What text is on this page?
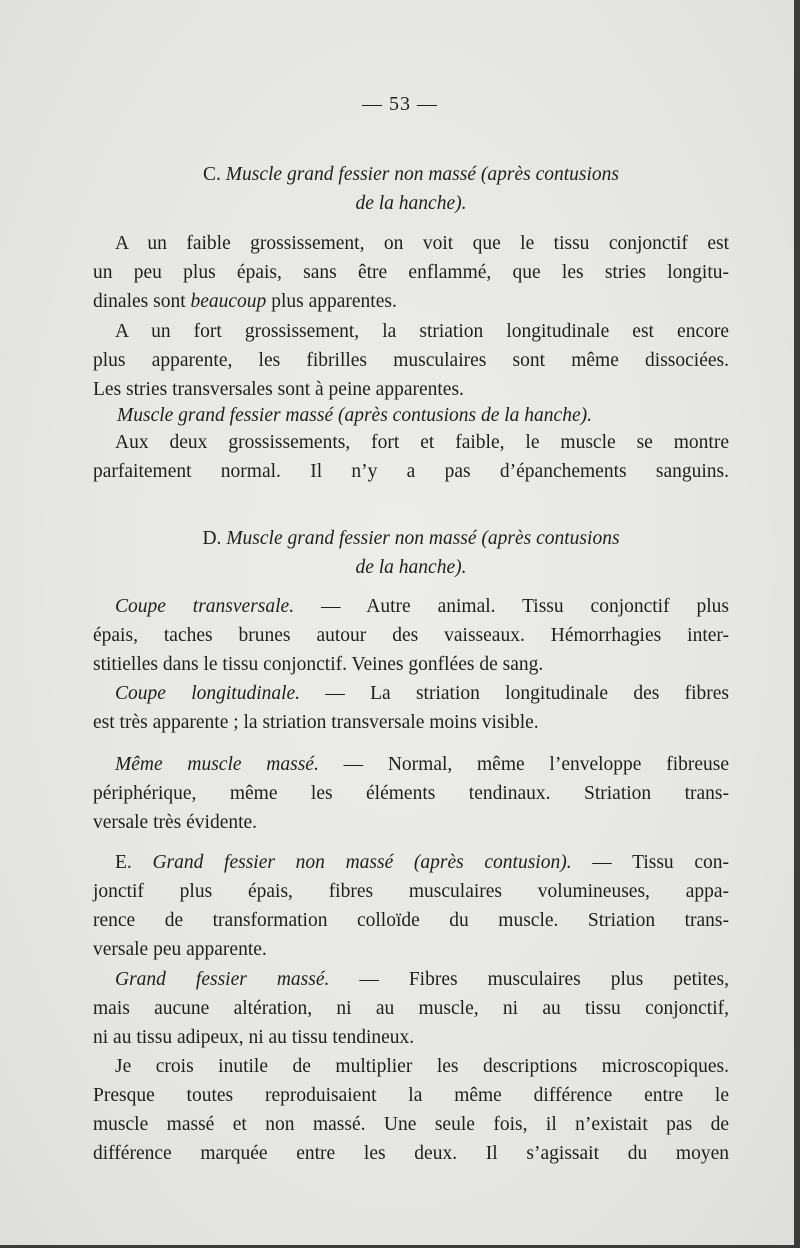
— 53 —
C. Muscle grand fessier non massé (après contusions
de la hanche).
A un faible grossissement, on voit que le tissu conjonctif est
un peu plus épais, sans être enflammé, que les stries longitu-
dinales sont beaucoup plus apparentes.
A un fort grossissement, la striation longitudinale est encore
plus apparente, les fibrilles musculaires sont même dissociées.
Les stries transversales sont à peine apparentes.
Muscle grand fessier massé (après contusions de la hanche).
Aux deux grossissements, fort et faible, le muscle se montre
parfaitement normal. Il n’y a pas d’épanchements sanguins.
D. Muscle grand fessier non massé (après contusions
de la hanche).
Coupe transversale. — Autre animal. Tissu conjonctif plus
épais, taches brunes autour des vaisseaux. Hémorrhagies inter-
stitielles dans le tissu conjonctif. Veines gonflées de sang.
Coupe longitudinale. — La striation longitudinale des fibres
est très apparente ; la striation transversale moins visible.
Même muscle massé. — Normal, même l’enveloppe fibreuse
périphérique, même les éléments tendinaux. Striation trans-
versale très évidente.
E. Grand fessier non massé (après contusion). — Tissu con-
jonctif plus épais, fibres musculaires volumineuses, appa-
rence de transformation colloïde du muscle. Striation trans-
versale peu apparente.
Grand fessier massé. — Fibres musculaires plus petites,
mais aucune altération, ni au muscle, ni au tissu conjonctif,
ni au tissu adipeux, ni au tissu tendineux.
Je crois inutile de multiplier les descriptions microscopiques.
Presque toutes reproduisaient la même différence entre le
muscle massé et non massé. Une seule fois, il n’existait pas de
différence marquée entre les deux. Il s’agissait du moyen
